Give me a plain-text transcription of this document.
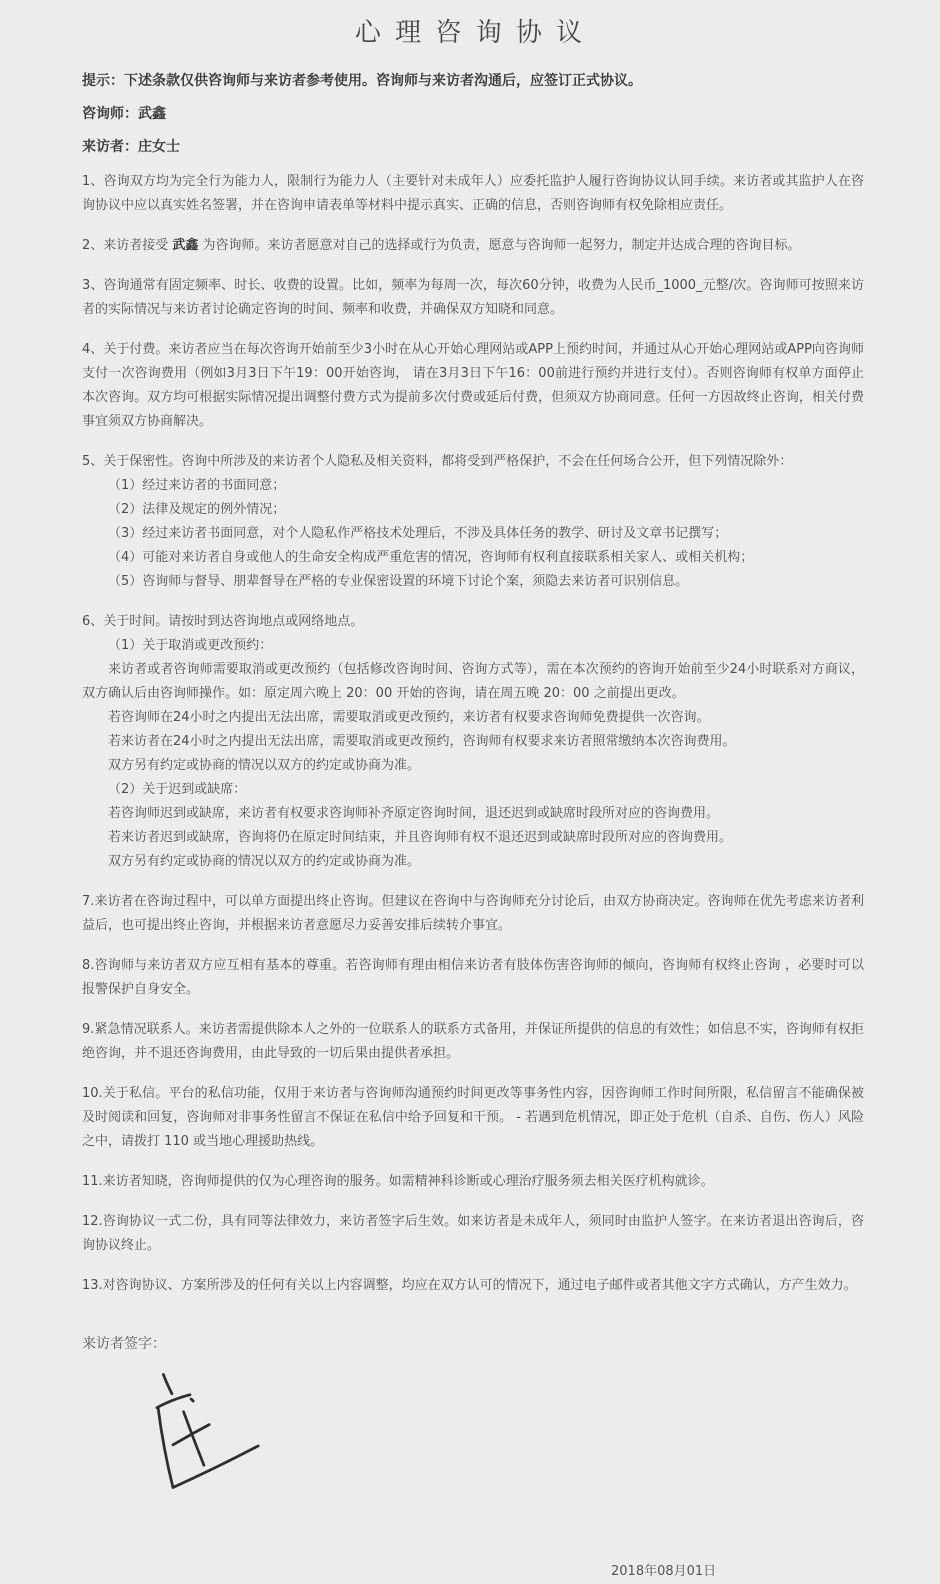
心 理 咨 询 协 议

提示：下述条款仅供咨询师与来访者参考使用。咨询师与来访者沟通后，应签订正式协议。

咨询师：武鑫

来访者：庄女士

1、咨询双方均为完全行为能力人，限制行为能力人（主要针对未成年人）应委托监护人履行咨询协议认同手续。来访者或其监护人在咨询协议中应以真实姓名签署，并在咨询申请表单等材料中提示真实、正确的信息，否则咨询师有权免除相应责任。

2、来访者接受 武鑫 为咨询师。来访者愿意对自己的选择或行为负责，愿意与咨询师一起努力，制定并达成合理的咨询目标。

3、咨询通常有固定频率、时长、收费的设置。比如，频率为每周一次，每次60分钟，收费为人民币_1000_元整/次。咨询师可按照来访者的实际情况与来访者讨论确定咨询的时间、频率和收费，并确保双方知晓和同意。

4、关于付费。来访者应当在每次咨询开始前至少3小时在从心开始心理网站或APP上预约时间，并通过从心开始心理网站或APP向咨询师支付一次咨询费用（例如3月3日下午19：00开始咨询， 请在3月3日下午16：00前进行预约并进行支付）。否则咨询师有权单方面停止本次咨询。双方均可根据实际情况提出调整付费方式为提前多次付费或延后付费，但须双方协商同意。任何一方因故终止咨询，相关付费事宜须双方协商解决。

5、关于保密性。咨询中所涉及的来访者个人隐私及相关资料，都将受到严格保护，不会在任何场合公开，但下列情况除外：

（1）经过来访者的书面同意；

（2）法律及规定的例外情况；

（3）经过来访者书面同意，对个人隐私作严格技术处理后，不涉及具体任务的教学、研讨及文章书记撰写；

（4）可能对来访者自身或他人的生命安全构成严重危害的情况，咨询师有权利直接联系相关家人、或相关机构；

（5）咨询师与督导、朋辈督导在严格的专业保密设置的环境下讨论个案，须隐去来访者可识别信息。

6、关于时间。请按时到达咨询地点或网络地点。

（1）关于取消或更改预约：

来访者或者咨询师需要取消或更改预约（包括修改咨询时间、咨询方式等），需在本次预约的咨询开始前至少24小时联系对方商议，双方确认后由咨询师操作。如：原定周六晚上 20：00 开始的咨询，请在周五晚 20：00 之前提出更改。

若咨询师在24小时之内提出无法出席，需要取消或更改预约，来访者有权要求咨询师免费提供一次咨询。

若来访者在24小时之内提出无法出席，需要取消或更改预约，咨询师有权要求来访者照常缴纳本次咨询费用。

双方另有约定或协商的情况以双方的约定或协商为准。

（2）关于迟到或缺席：

若咨询师迟到或缺席，来访者有权要求咨询师补齐原定咨询时间，退还迟到或缺席时段所对应的咨询费用。

若来访者迟到或缺席，咨询将仍在原定时间结束，并且咨询师有权不退还迟到或缺席时段所对应的咨询费用。

双方另有约定或协商的情况以双方的约定或协商为准。

7.来访者在咨询过程中，可以单方面提出终止咨询。但建议在咨询中与咨询师充分讨论后，由双方协商决定。咨询师在优先考虑来访者利益后，也可提出终止咨询，并根据来访者意愿尽力妥善安排后续转介事宜。

8.咨询师与来访者双方应互相有基本的尊重。若咨询师有理由相信来访者有肢体伤害咨询师的倾向，咨询师有权终止咨询 ，必要时可以报警保护自身安全。

9.紧急情况联系人。来访者需提供除本人之外的一位联系人的联系方式备用，并保证所提供的信息的有效性；如信息不实，咨询师有权拒绝咨询，并不退还咨询费用，由此导致的一切后果由提供者承担。

10.关于私信。平台的私信功能，仅用于来访者与咨询师沟通预约时间更改等事务性内容，因咨询师工作时间所限，私信留言不能确保被及时阅读和回复，咨询师对非事务性留言不保证在私信中给予回复和干预。 - 若遇到危机情况，即正处于危机（自杀、自伤、伤人）风险之中，请拨打 110 或当地心理援助热线。

11.来访者知晓，咨询师提供的仅为心理咨询的服务。如需精神科诊断或心理治疗服务须去相关医疗机构就诊。

12.咨询协议一式二份，具有同等法律效力，来访者签字后生效。如来访者是未成年人，须同时由监护人签字。在来访者退出咨询后，咨询协议终止。

13.对咨询协议、方案所涉及的任何有关以上内容调整，均应在双方认可的情况下，通过电子邮件或者其他文字方式确认，方产生效力。

来访者签字：

2018年08月01日
